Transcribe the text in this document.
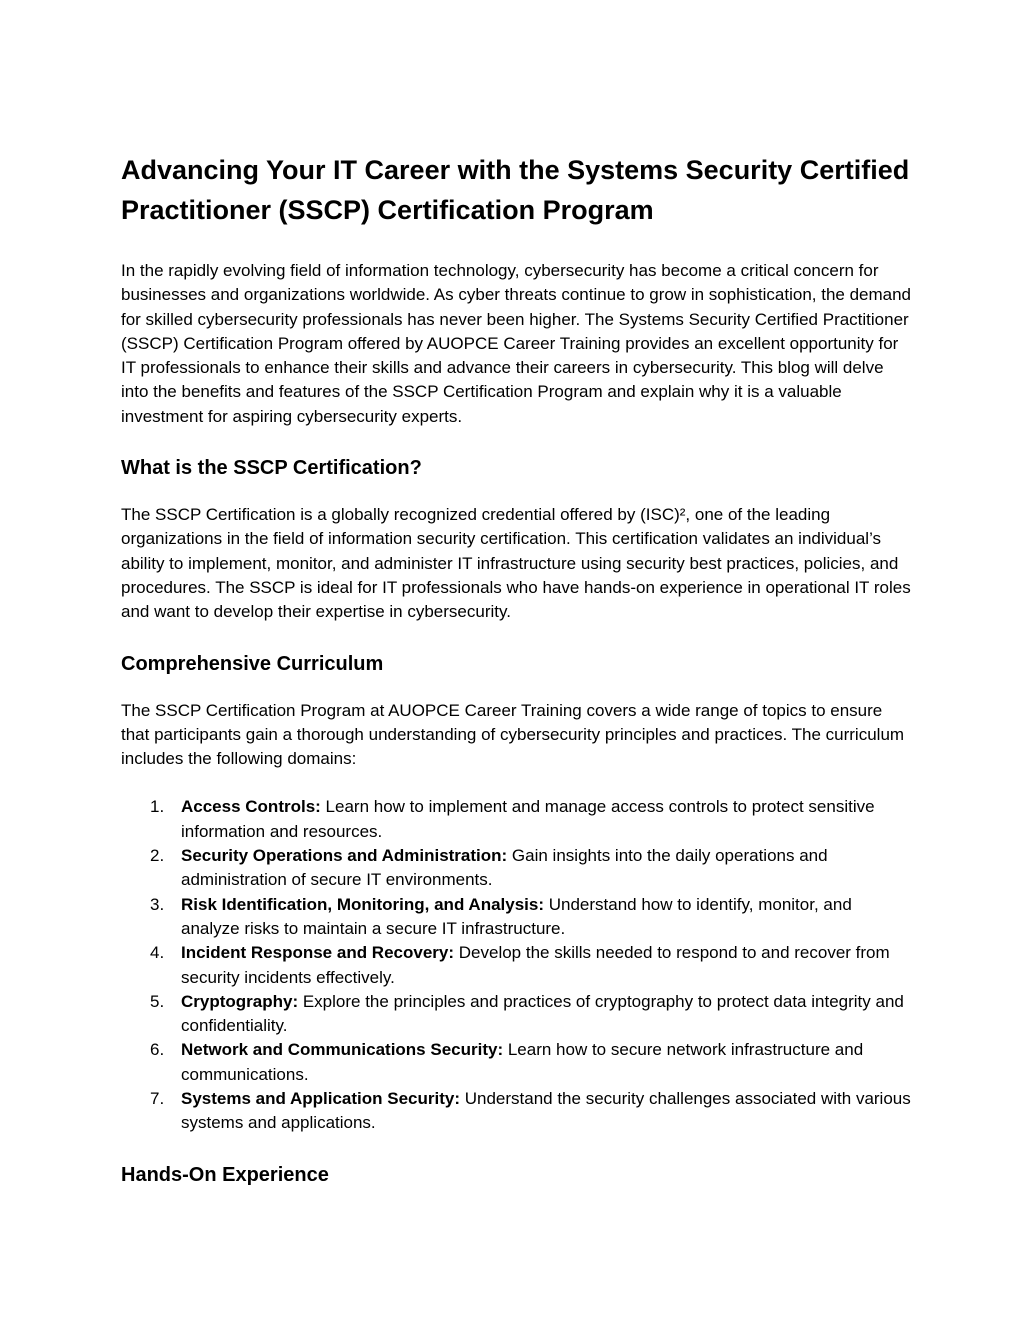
Advancing Your IT Career with the Systems Security Certified Practitioner (SSCP) Certification Program

In the rapidly evolving field of information technology, cybersecurity has become a critical concern for businesses and organizations worldwide. As cyber threats continue to grow in sophistication, the demand for skilled cybersecurity professionals has never been higher. The Systems Security Certified Practitioner (SSCP) Certification Program offered by AUOPCE Career Training provides an excellent opportunity for IT professionals to enhance their skills and advance their careers in cybersecurity. This blog will delve into the benefits and features of the SSCP Certification Program and explain why it is a valuable investment for aspiring cybersecurity experts.

What is the SSCP Certification?

The SSCP Certification is a globally recognized credential offered by (ISC)², one of the leading organizations in the field of information security certification. This certification validates an individual’s ability to implement, monitor, and administer IT infrastructure using security best practices, policies, and procedures. The SSCP is ideal for IT professionals who have hands-on experience in operational IT roles and want to develop their expertise in cybersecurity.

Comprehensive Curriculum

The SSCP Certification Program at AUOPCE Career Training covers a wide range of topics to ensure that participants gain a thorough understanding of cybersecurity principles and practices. The curriculum includes the following domains:

1. Access Controls: Learn how to implement and manage access controls to protect sensitive information and resources.
2. Security Operations and Administration: Gain insights into the daily operations and administration of secure IT environments.
3. Risk Identification, Monitoring, and Analysis: Understand how to identify, monitor, and analyze risks to maintain a secure IT infrastructure.
4. Incident Response and Recovery: Develop the skills needed to respond to and recover from security incidents effectively.
5. Cryptography: Explore the principles and practices of cryptography to protect data integrity and confidentiality.
6. Network and Communications Security: Learn how to secure network infrastructure and communications.
7. Systems and Application Security: Understand the security challenges associated with various systems and applications.
Hands-On Experience
